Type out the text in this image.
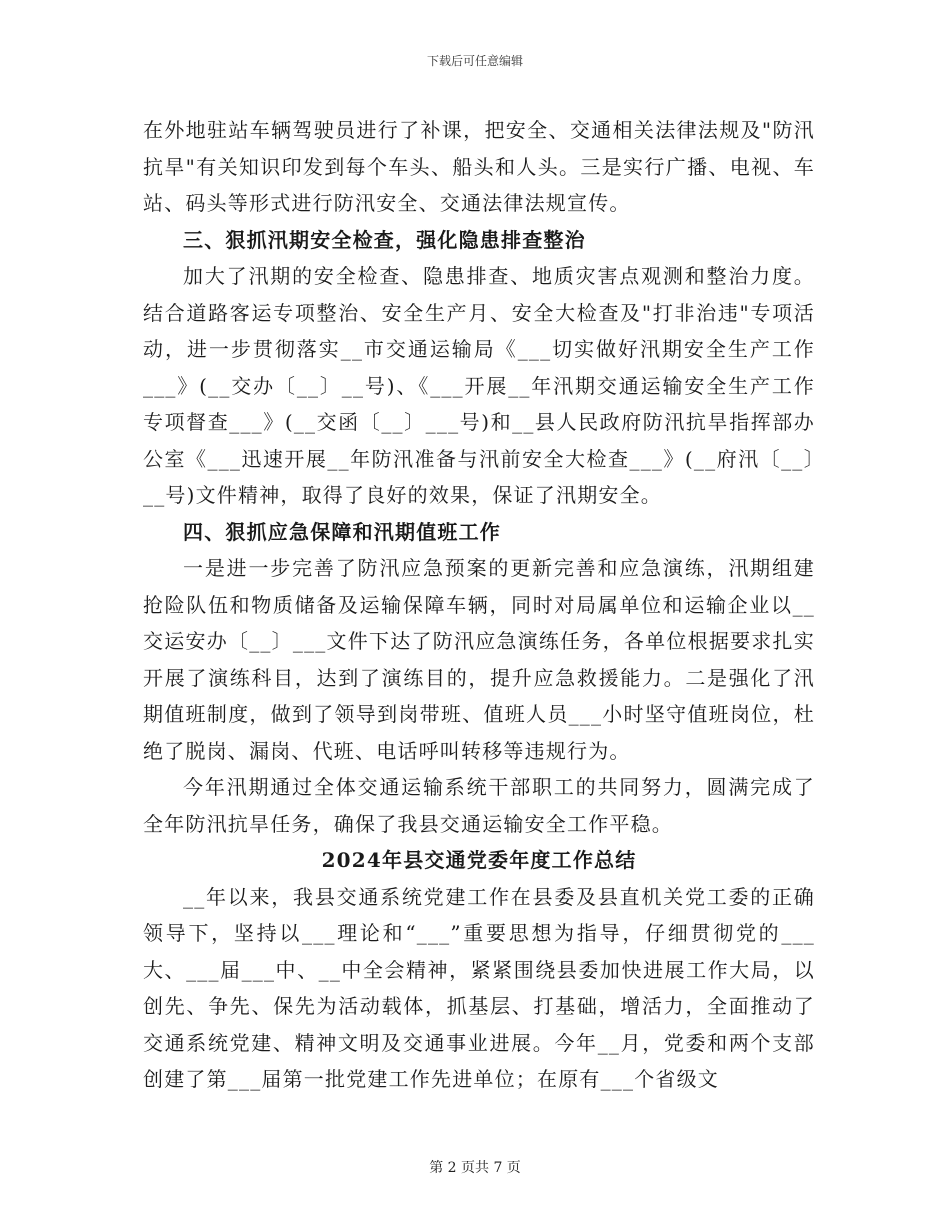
下载后可任意编辑

在外地驻站车辆驾驶员进行了补课，把安全、交通相关法律法规及"防汛抗旱"有关知识印发到每个车头、船头和人头。三是实行广播、电视、车站、码头等形式进行防汛安全、交通法律法规宣传。

三、狠抓汛期安全检查，强化隐患排查整治

加大了汛期的安全检查、隐患排查、地质灾害点观测和整治力度。结合道路客运专项整治、安全生产月、安全大检查及"打非治违"专项活动，进一步贯彻落实__市交通运输局《___切实做好汛期安全生产工作___》(__交办〔__〕__号)、《___开展__年汛期交通运输安全生产工作专项督查___》(__交函〔__〕___号)和__县人民政府防汛抗旱指挥部办公室《___迅速开展__年防汛准备与汛前安全大检查___》(__府汛〔__〕__号)文件精神，取得了良好的效果，保证了汛期安全。

四、狠抓应急保障和汛期值班工作

一是进一步完善了防汛应急预案的更新完善和应急演练，汛期组建抢险队伍和物质储备及运输保障车辆，同时对局属单位和运输企业以__交运安办〔__〕___文件下达了防汛应急演练任务，各单位根据要求扎实开展了演练科目，达到了演练目的，提升应急救援能力。二是强化了汛期值班制度，做到了领导到岗带班、值班人员___小时坚守值班岗位，杜绝了脱岗、漏岗、代班、电话呼叫转移等违规行为。

今年汛期通过全体交通运输系统干部职工的共同努力，圆满完成了全年防汛抗旱任务，确保了我县交通运输安全工作平稳。

2024年县交通党委年度工作总结

__年以来，我县交通系统党建工作在县委及县直机关党工委的正确领导下，坚持以___理论和“___”重要思想为指导，仔细贯彻党的___大、___届___中、__中全会精神，紧紧围绕县委加快进展工作大局，以创先、争先、保先为活动载体，抓基层、打基础，增活力，全面推动了交通系统党建、精神文明及交通事业进展。今年__月，党委和两个支部创建了第___届第一批党建工作先进单位；在原有___个省级文

第 2 页共 7 页
